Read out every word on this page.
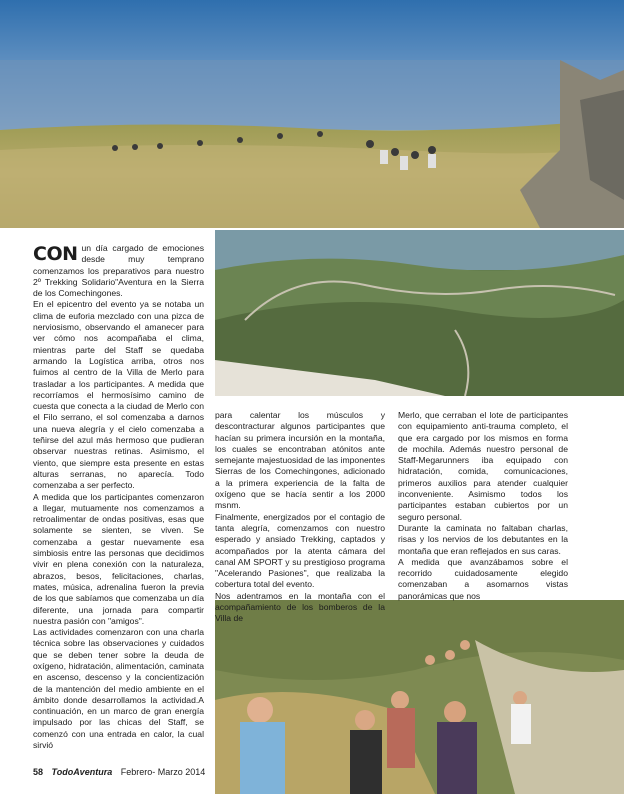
CON un día cargado de emociones desde muy temprano comenzamos los preparativos para nuestro 2º Trekking Solidario"Aventura en la Sierra de los Comechingones.

En el epicentro del evento ya se notaba un clima de euforia mezclado con una pizca de nerviosismo, observando el amanecer para ver cómo nos acompañaba el clima, mientras parte del Staff se quedaba armando la Logística arriba, otros nos fuimos al centro de la Villa de Merlo para trasladar a los participantes. A medida que recorríamos el hermosísimo camino de cuesta que conecta a la ciudad de Merlo con el Filo serrano, el sol comenzaba a darnos una nueva alegría y el cielo comenzaba a teñirse del azul más hermoso que pudieran observar nuestras retinas. Asimismo, el viento, que siempre esta presente en estas alturas serranas, no aparecía. Todo comenzaba a ser perfecto.

A medida que los participantes comenzaron a llegar, mutuamente nos comenzamos a retroalimentar de ondas positivas, esas que solamente se sienten, se viven. Se comenzaba a gestar nuevamente esa simbiosis entre las personas que decidimos vivir en plena conexión con la naturaleza, abrazos, besos, felicitaciones, charlas, mates, música, adrenalina fueron la previa de los que sabíamos que comenzaba un día diferente, una jornada para compartir nuestra pasión con "amigos".

Las actividades comenzaron con una charla técnica sobre las observaciones y cuidados que se deben tener sobre la deuda de oxígeno, hidratación, alimentación, caminata en ascenso, descenso y la concientización de la mantención del medio ambiente en el ámbito donde desarrollamos la actividad.A continuación, en un marco de gran energía impulsado por las chicas del Staff, se comenzó con una entrada en calor, la cual sirvió

para calentar los músculos y descontracturar algunos participantes que hacían su primera incursión en la montaña, los cuales se encontraban atónitos ante semejante majestuosidad de las imponentes Sierras de los Comechingones, adicionado a la primera experiencia de la falta de oxígeno que se hacía sentir a los 2000 msnm.

Finalmente, energizados por el contagio de tanta alegría, comenzamos con nuestro esperado y ansiado Trekking, captados y acompañados por la atenta cámara del canal AM SPORT y su prestigioso programa "Acelerando Pasiones", que realizaba la cobertura total del evento.

Nos adentramos en la montaña con el acompañamiento de los bomberos de la Villa de

Merlo, que cerraban el lote de participantes con equipamiento anti-trauma completo, el que era cargado por los mismos en forma de mochila. Además nuestro personal de Staff-Megarunners iba equipado con hidratación, comida, comunicaciones, primeros auxilios para atender cualquier inconveniente. Asimismo todos los participantes estaban cubiertos por un seguro personal.

Durante la caminata no faltaban charlas, risas y los nervios de los debutantes en la montaña que eran reflejados en sus caras.

A medida que avanzábamos sobre el recorrido cuidadosamente elegido comenzaban a asomarnos vistas panorámicas que nos

58 TodoAventura Febrero- Marzo 2014
